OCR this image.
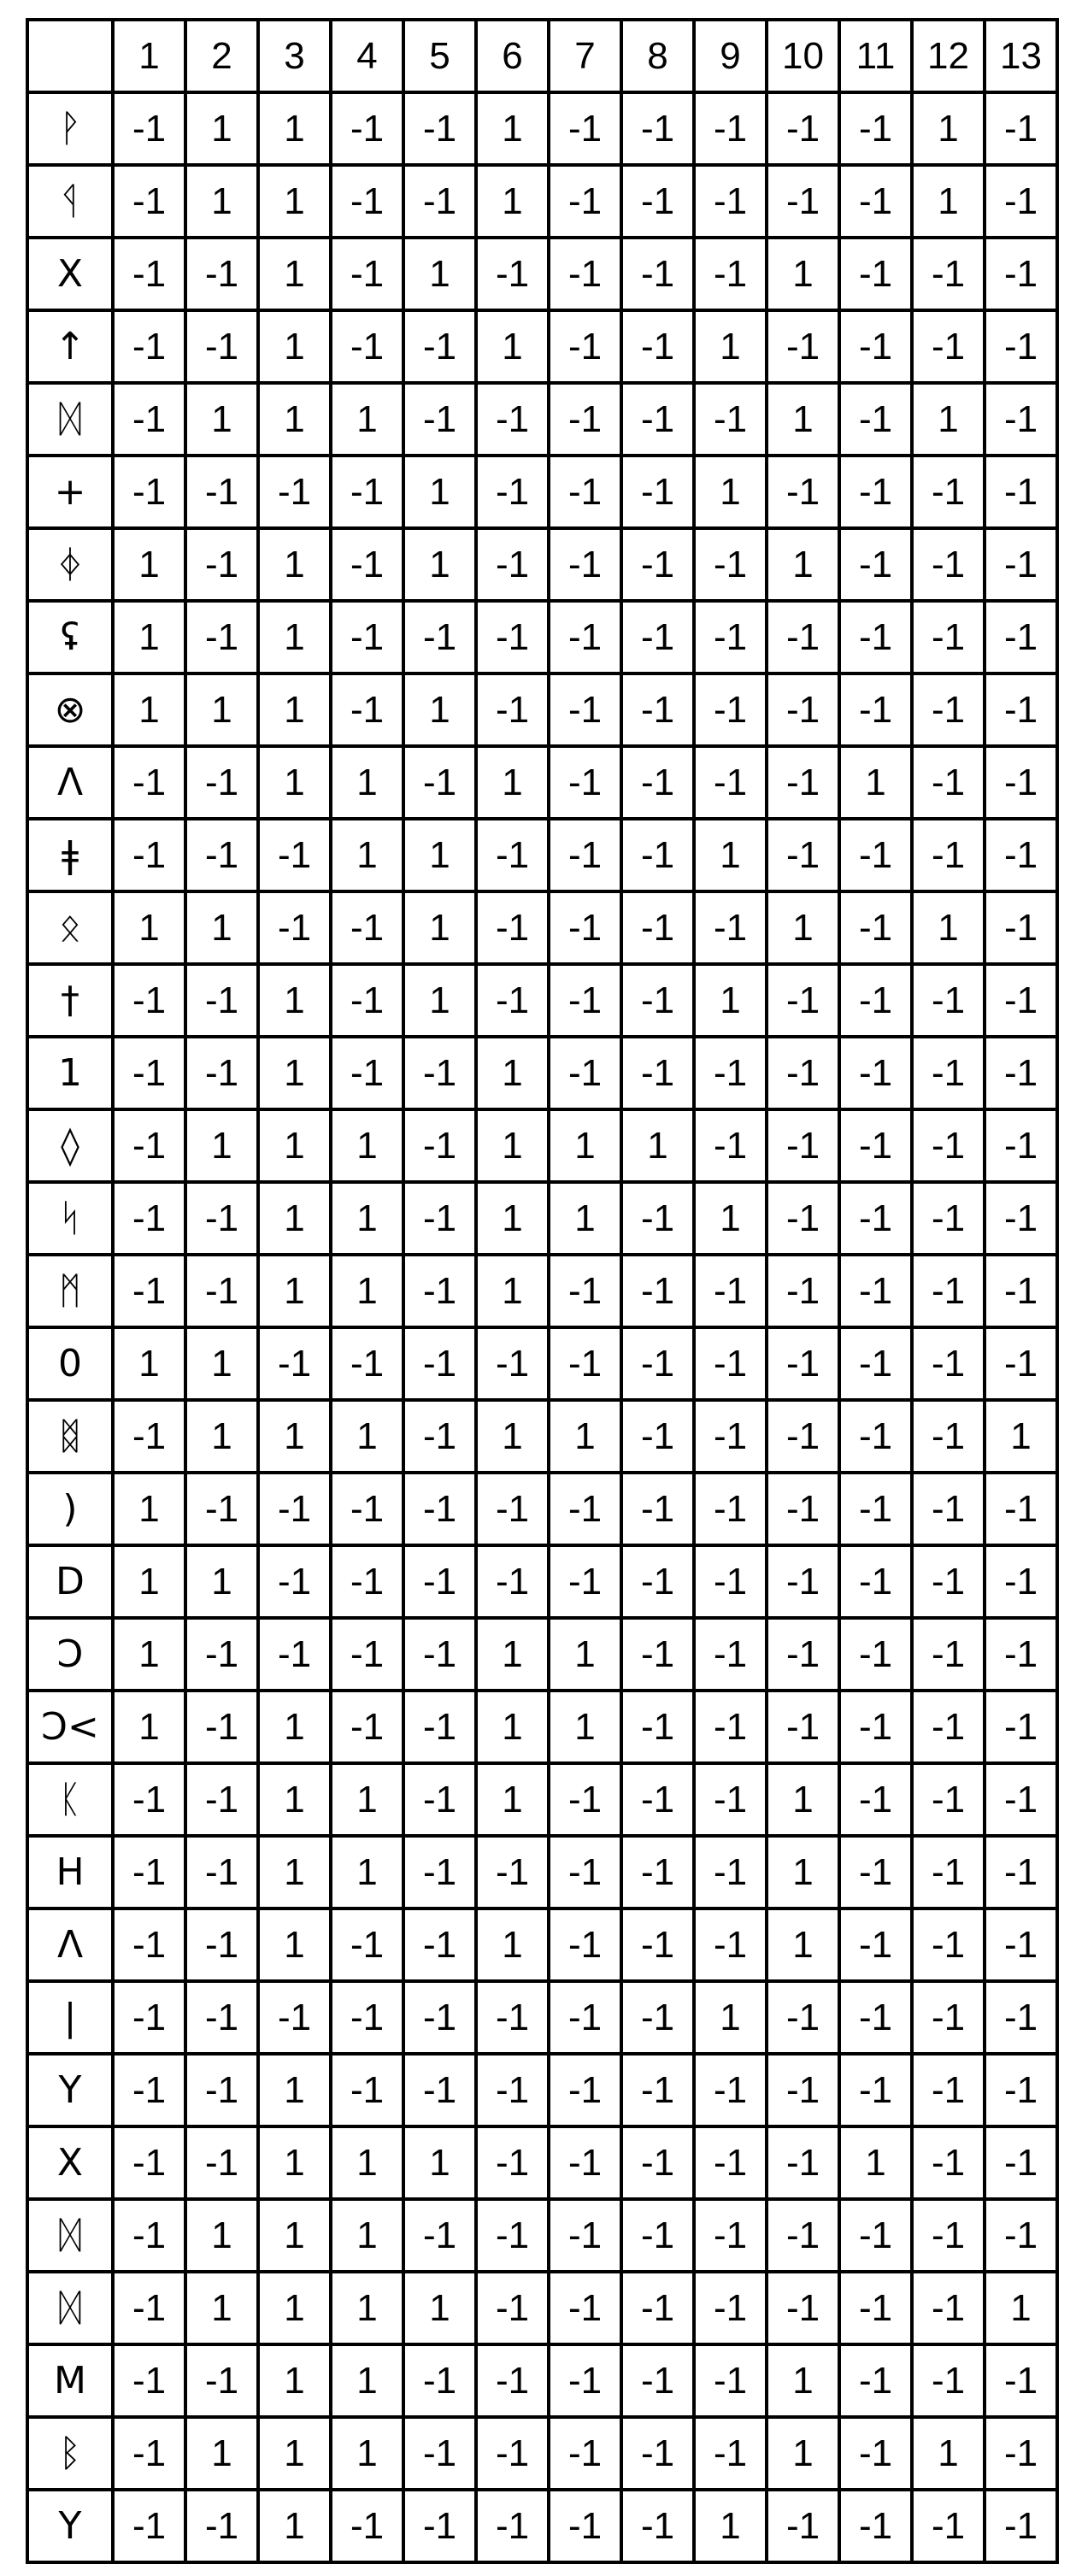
	1	2	3	4	5	6	7	8	9	10	11	12	13
ᚹ	-1	1	1	-1	-1	1	-1	-1	-1	-1	-1	1	-1
ᛩ	-1	1	1	-1	-1	1	-1	-1	-1	-1	-1	1	-1
X	-1	-1	1	-1	1	-1	-1	-1	-1	1	-1	-1	-1
↑	-1	-1	1	-1	-1	1	-1	-1	1	-1	-1	-1	-1
ᛞ	-1	1	1	1	-1	-1	-1	-1	-1	1	-1	1	-1
+	-1	-1	-1	-1	1	-1	-1	-1	1	-1	-1	-1	-1
ᛄ	1	-1	1	-1	1	-1	-1	-1	-1	1	-1	-1	-1
ʢ	1	-1	1	-1	-1	-1	-1	-1	-1	-1	-1	-1	-1
⊗	1	1	1	-1	1	-1	-1	-1	-1	-1	-1	-1	-1
Λ	-1	-1	1	1	-1	1	-1	-1	-1	-1	1	-1	-1
ǂ	-1	-1	-1	1	1	-1	-1	-1	1	-1	-1	-1	-1
ᛟ	1	1	-1	-1	1	-1	-1	-1	-1	1	-1	1	-1
†	-1	-1	1	-1	1	-1	-1	-1	1	-1	-1	-1	-1
1	-1	-1	1	-1	-1	1	-1	-1	-1	-1	-1	-1	-1
◊	-1	1	1	1	-1	1	1	1	-1	-1	-1	-1	-1
ᛋ	-1	-1	1	1	-1	1	1	-1	1	-1	-1	-1	-1
ᛗ	-1	-1	1	1	-1	1	-1	-1	-1	-1	-1	-1	-1
0	1	1	-1	-1	-1	-1	-1	-1	-1	-1	-1	-1	-1
ᛥ	-1	1	1	1	-1	1	1	-1	-1	-1	-1	-1	1
)	1	-1	-1	-1	-1	-1	-1	-1	-1	-1	-1	-1	-1
D	1	1	-1	-1	-1	-1	-1	-1	-1	-1	-1	-1	-1
Ͻ	1	-1	-1	-1	-1	1	1	-1	-1	-1	-1	-1	-1
Ͻ<	1	-1	1	-1	-1	1	1	-1	-1	-1	-1	-1	-1
ᛕ	-1	-1	1	1	-1	1	-1	-1	-1	1	-1	-1	-1
H	-1	-1	1	1	-1	-1	-1	-1	-1	1	-1	-1	-1
Λ	-1	-1	1	-1	-1	1	-1	-1	-1	1	-1	-1	-1
|	-1	-1	-1	-1	-1	-1	-1	-1	1	-1	-1	-1	-1
Y	-1	-1	1	-1	-1	-1	-1	-1	-1	-1	-1	-1	-1
X	-1	-1	1	1	1	-1	-1	-1	-1	-1	1	-1	-1
ᛞ	-1	1	1	1	-1	-1	-1	-1	-1	-1	-1	-1	-1
ᛞ	-1	1	1	1	1	-1	-1	-1	-1	-1	-1	-1	1
M	-1	-1	1	1	-1	-1	-1	-1	-1	1	-1	-1	-1
ᛒ	-1	1	1	1	-1	-1	-1	-1	-1	1	-1	1	-1
Y	-1	-1	1	-1	-1	-1	-1	-1	1	-1	-1	-1	-1
